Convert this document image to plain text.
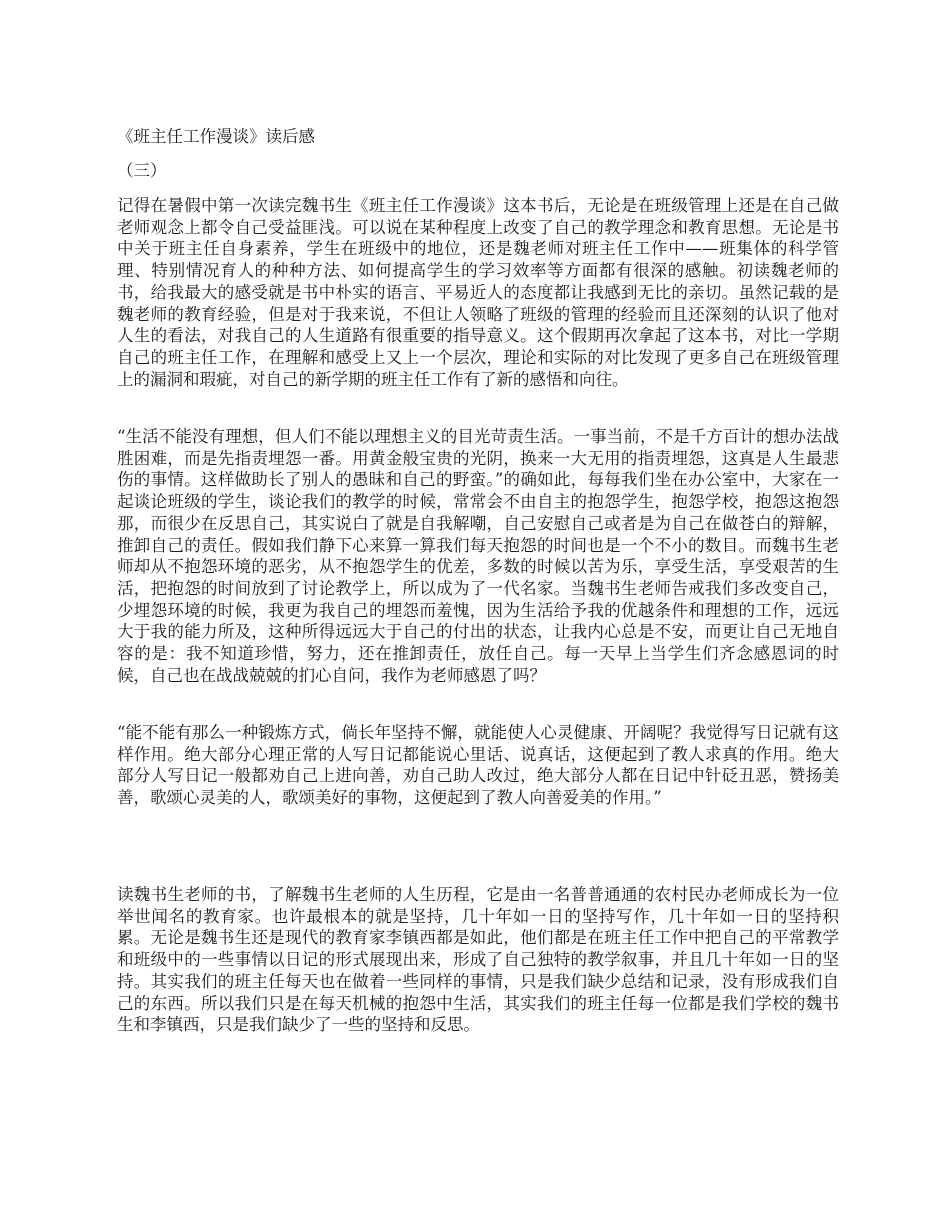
《班主任工作漫谈》读后感
（三）

记得在暑假中第一次读完魏书生《班主任工作漫谈》这本书后，无论是在班级管理上还是在自己做老师观念上都令自己受益匪浅。可以说在某种程度上改变了自己的教学理念和教育思想。无论是书中关于班主任自身素养，学生在班级中的地位，还是魏老师对班主任工作中——班集体的科学管理、特别情况育人的种种方法、如何提高学生的学习效率等方面都有很深的感触。初读魏老师的书，给我最大的感受就是书中朴实的语言、平易近人的态度都让我感到无比的亲切。虽然记载的是魏老师的教育经验，但是对于我来说，不但让人领略了班级的管理的经验而且还深刻的认识了他对人生的看法，对我自己的人生道路有很重要的指导意义。这个假期再次拿起了这本书，对比一学期自己的班主任工作，在理解和感受上又上一个层次，理论和实际的对比发现了更多自己在班级管理上的漏洞和瑕疵，对自己的新学期的班主任工作有了新的感悟和向往。

“生活不能没有理想，但人们不能以理想主义的目光苛责生活。一事当前，不是千方百计的想办法战胜困难，而是先指责埋怨一番。用黄金般宝贵的光阴，换来一大无用的指责埋怨，这真是人生最悲伤的事情。这样做助长了别人的愚昧和自己的野蛮。”的确如此，每每我们坐在办公室中，大家在一起谈论班级的学生，谈论我们的教学的时候，常常会不由自主的抱怨学生，抱怨学校，抱怨这抱怨那，而很少在反思自己，其实说白了就是自我解嘲，自己安慰自己或者是为自己在做苍白的辩解，推卸自己的责任。假如我们静下心来算一算我们每天抱怨的时间也是一个不小的数目。而魏书生老师却从不抱怨环境的恶劣，从不抱怨学生的优差，多数的时候以苦为乐，享受生活，享受艰苦的生活，把抱怨的时间放到了讨论教学上，所以成为了一代名家。当魏书生老师告戒我们多改变自己，少埋怨环境的时候，我更为我自己的埋怨而羞愧，因为生活给予我的优越条件和理想的工作，远远大于我的能力所及，这种所得远远大于自己的付出的状态，让我内心总是不安，而更让自己无地自容的是：我不知道珍惜，努力，还在推卸责任，放任自己。每一天早上当学生们齐念感恩词的时候，自己也在战战兢兢的扪心自问，我作为老师感恩了吗？

“能不能有那么一种锻炼方式，倘长年坚持不懈，就能使人心灵健康、开阔呢？我觉得写日记就有这样作用。绝大部分心理正常的人写日记都能说心里话、说真话，这便起到了教人求真的作用。绝大部分人写日记一般都劝自己上进向善，劝自己助人改过，绝大部分人都在日记中针砭丑恶，赞扬美善，歌颂心灵美的人，歌颂美好的事物，这便起到了教人向善爱美的作用。”

读魏书生老师的书，了解魏书生老师的人生历程，它是由一名普普通通的农村民办老师成长为一位举世闻名的教育家。也许最根本的就是坚持，几十年如一日的坚持写作，几十年如一日的坚持积累。无论是魏书生还是现代的教育家李镇西都是如此，他们都是在班主任工作中把自己的平常教学和班级中的一些事情以日记的形式展现出来，形成了自己独特的教学叙事，并且几十年如一日的坚持。其实我们的班主任每天也在做着一些同样的事情，只是我们缺少总结和记录，没有形成我们自己的东西。所以我们只是在每天机械的抱怨中生活，其实我们的班主任每一位都是我们学校的魏书生和李镇西，只是我们缺少了一些的坚持和反思。
